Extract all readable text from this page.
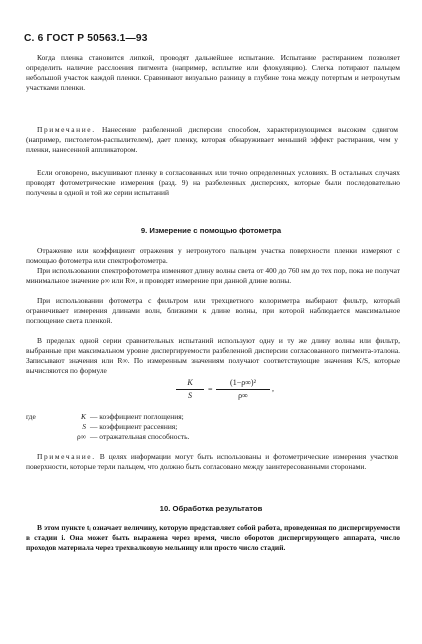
С. 6 ГОСТ Р 50563.1—93
Когда пленка становится липкой, проводят дальнейшее испытание. Испытание растиранием позволяет определить наличие расслоения пигмента (например, всплытие или флокуляцию). Слегка потирают пальцем небольшой участок каждой пленки. Сравнивают визуально разницу в глубине тона между потертым и нетронутым участками пленки.
Примечание. Нанесение разбеленной дисперсии способом, характеризующимся высоким сдвигом (например, пистолетом-распылителем), дает пленку, которая обнаруживает меньший эффект растирания, чем у пленки, нанесенной аппликатором.
Если оговорено, высушивают пленку в согласованных или точно определенных условиях. В остальных случаях проводят фотометрические измерения (разд. 9) на разбеленных дисперсиях, которые были последовательно получены в одной и той же серии испытаний
9. Измерение с помощью фотометра
Отражение или коэффициент отражения у нетронутого пальцем участка поверхности пленки измеряют с помощью фотометра или спектрофотометра.
При использовании спектрофотометра изменяют длину волны света от 400 до 760 нм до тех пор, пока не получат минимальное значение ρ∞ или R∞, и проводят измерение при данной длине волны.
При использовании фотометра с фильтром или трехцветного колориметра выбирают фильтр, который ограничивает измерения длинами волн, близкими к длине волны, при которой наблюдается максимальное поглощение света пленкой.
В пределах одной серии сравнительных испытаний используют одну и ту же длину волны или фильтр, выбранные при максимальном уровне диспергируемости разбеленной дисперсии согласованного пигмента-эталона. Записывают значения или R∞. По измеренным значениям получают соответствующие значения K/S, которые вычисляются по формуле
K
S
=
(1−ρ∞)²
ρ∞
,
где	K — коэффициент поглощения;
S — коэффициент рассеяния;
ρ∞ — отражательная способность.
Примечание. В целях информации могут быть использованы и фотометрические измерения участков поверхности, которые терли пальцем, что должно быть согласовано между заинтересованными сторонами.
10. Обработка результатов
В этом пункте tᵢ означает величину, которую представляет собой работа, проведенная по диспергируемости в стадии i. Она может быть выражена через время, число оборотов диспергирующего аппарата, число проходов материала через трехвалковую мельницу или просто число стадий.
